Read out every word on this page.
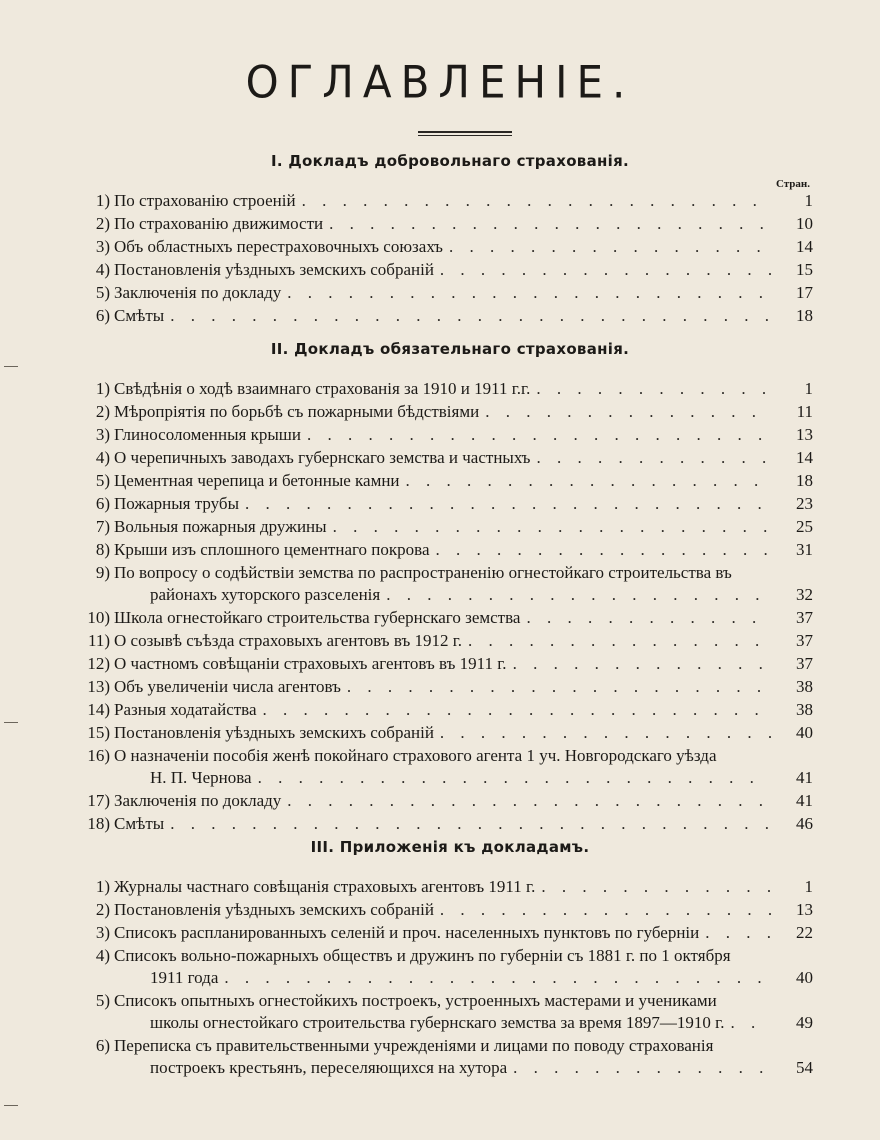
ОГЛАВЛЕНІЕ.
Стран.
I. Докладъ добровольнаго страхованія.
1) По страхованію строеній . . .	1
2) По страхованію движимости . . .	10
3) Объ областныхъ перестраховочныхъ союзахъ . . .	14
4) Постановленія уѣздныхъ земскихъ собраній . . .	15
5) Заключенія по докладу . . .	17
6) Смѣты . . .	18
II. Докладъ обязательнаго страхованія.
1) Свѣдѣнія о ходѣ взаимнаго страхованія за 1910 и 1911 г.г. . . .	1
2) Мѣропріятія по борьбѣ съ пожарными бѣдствіями . . .	11
3) Глиносоломенныя крыши . . .	13
4) О черепичныхъ заводахъ губернскаго земства и частныхъ . . .	14
5) Цементная черепица и бетонные камни . . .	18
6) Пожарныя трубы . . .	23
7) Вольныя пожарныя дружины . . .	25
8) Крыши изъ сплошного цементнаго покрова . . .	31
9) По вопросу о содѣйствіи земства по распространенію огнестойкаго строительства въ
районахъ хуторского разселенія . . .	32
10) Школа огнестойкаго строительства губернскаго земства . . .	37
11) О созывѣ съѣзда страховыхъ агентовъ въ 1912 г. . . .	37
12) О частномъ совѣщаніи страховыхъ агентовъ въ 1911 г. . . .	37
13) Объ увеличеніи числа агентовъ . . .	38
14) Разныя ходатайства . . .	38
15) Постановленія уѣздныхъ земскихъ собраній . . .	40
16) О назначеніи пособія женѣ покойнаго страхового агента 1 уч. Новгородскаго уѣзда
Н. П. Чернова . . .	41
17) Заключенія по докладу . . .	41
18) Смѣты . . .	46
III. Приложенія къ докладамъ.
1) Журналы частнаго совѣщанія страховыхъ агентовъ 1911 г. . . .	1
2) Постановленія уѣздныхъ земскихъ собраній . . .	13
3) Списокъ распланированныхъ селеній и проч. населенныхъ пунктовъ по губерніи . . .	22
4) Списокъ вольно-пожарныхъ обществъ и дружинъ по губерніи съ 1881 г. по 1 октября
1911 года . . .	40
5) Списокъ опытныхъ огнестойкихъ построекъ, устроенныхъ мастерами и учениками
школы огнестойкаго строительства губернскаго земства за время 1897—1910 г. . . .	49
6) Переписка съ правительственными учрежденіями и лицами по поводу страхованія
построекъ крестьянъ, переселяющихся на хутора . . .	54
